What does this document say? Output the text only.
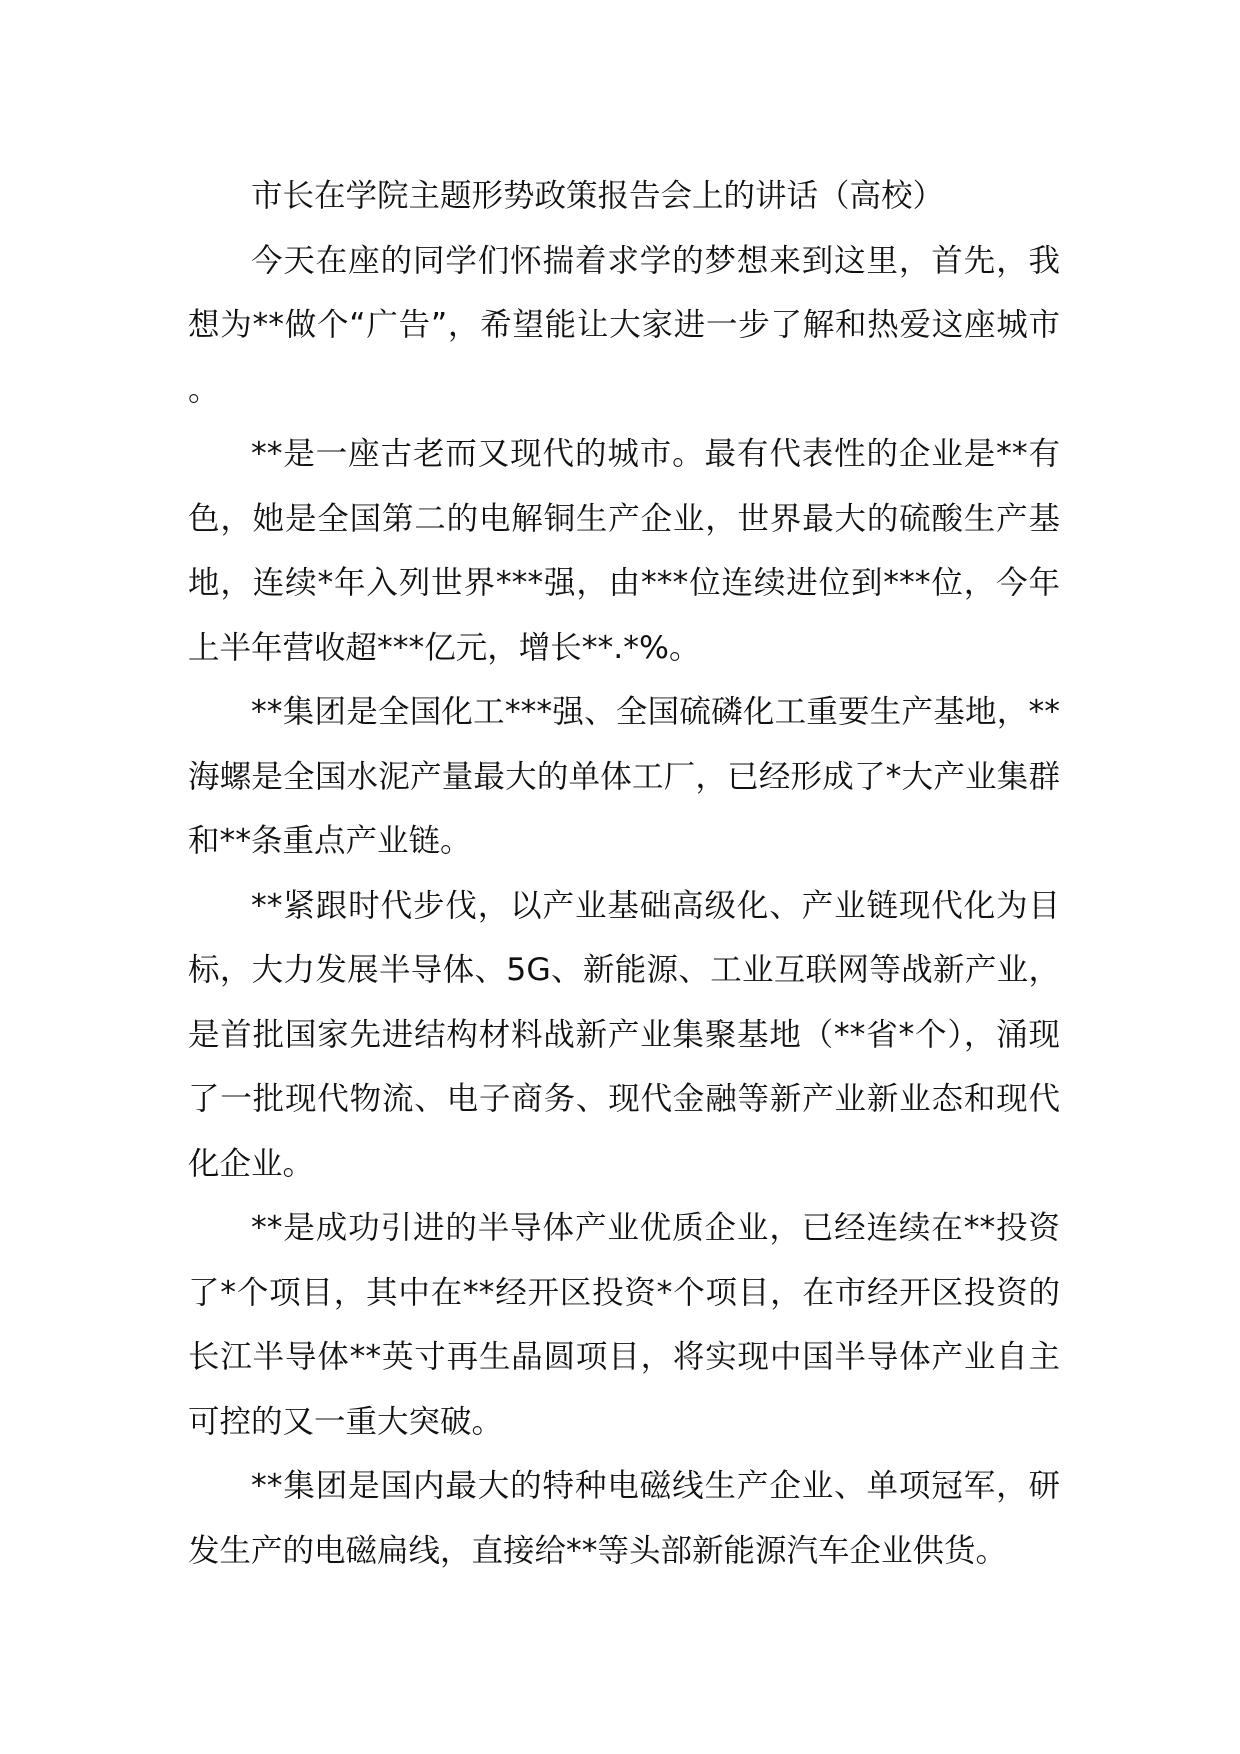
市长在学院主题形势政策报告会上的讲话（高校）

今天在座的同学们怀揣着求学的梦想来到这里，首先，我想为**做个“广告”，希望能让大家进一步了解和热爱这座城市。

**是一座古老而又现代的城市。最有代表性的企业是**有色，她是全国第二的电解铜生产企业，世界最大的硫酸生产基地，连续*年入列世界***强，由***位连续进位到***位，今年上半年营收超***亿元，增长**.*%。

**集团是全国化工***强、全国硫磷化工重要生产基地，**海螺是全国水泥产量最大的单体工厂，已经形成了*大产业集群和**条重点产业链。

**紧跟时代步伐，以产业基础高级化、产业链现代化为目标，大力发展半导体、5G、新能源、工业互联网等战新产业，是首批国家先进结构材料战新产业集聚基地（**省*个），涌现了一批现代物流、电子商务、现代金融等新产业新业态和现代化企业。

**是成功引进的半导体产业优质企业，已经连续在**投资了*个项目，其中在**经开区投资*个项目，在市经开区投资的长江半导体**英寸再生晶圆项目，将实现中国半导体产业自主可控的又一重大突破。

**集团是国内最大的特种电磁线生产企业、单项冠军，研发生产的电磁扁线，直接给**等头部新能源汽车企业供货。
